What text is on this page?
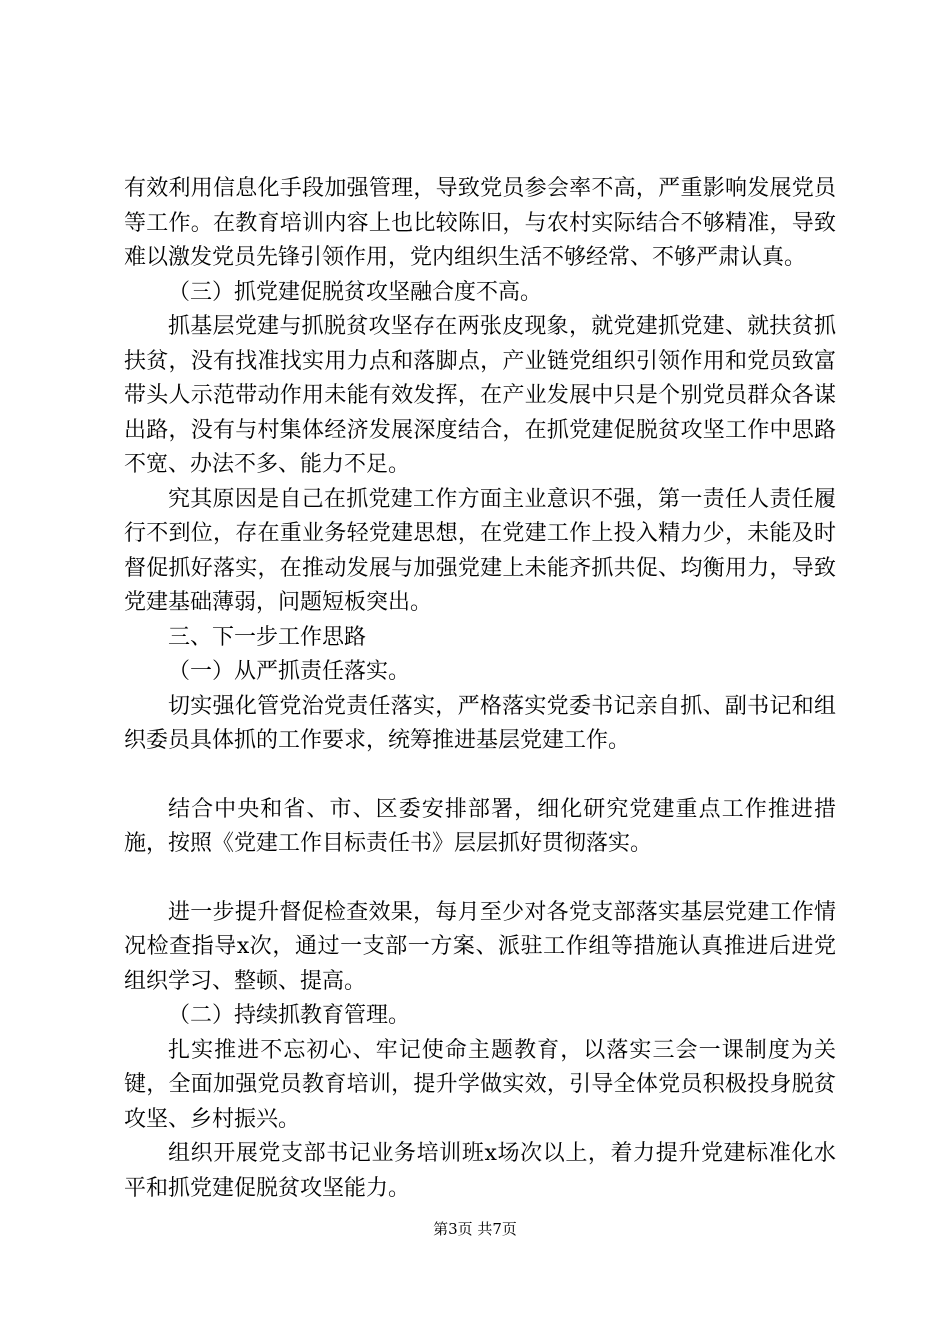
有效利用信息化手段加强管理，导致党员参会率不高，严重影响发展党员等工作。在教育培训内容上也比较陈旧，与农村实际结合不够精准，导致难以激发党员先锋引领作用，党内组织生活不够经常、不够严肃认真。

（三）抓党建促脱贫攻坚融合度不高。

抓基层党建与抓脱贫攻坚存在两张皮现象，就党建抓党建、就扶贫抓扶贫，没有找准找实用力点和落脚点，产业链党组织引领作用和党员致富带头人示范带动作用未能有效发挥，在产业发展中只是个别党员群众各谋出路，没有与村集体经济发展深度结合，在抓党建促脱贫攻坚工作中思路不宽、办法不多、能力不足。

究其原因是自己在抓党建工作方面主业意识不强，第一责任人责任履行不到位，存在重业务轻党建思想，在党建工作上投入精力少，未能及时督促抓好落实，在推动发展与加强党建上未能齐抓共促、均衡用力，导致党建基础薄弱，问题短板突出。

三、下一步工作思路

（一）从严抓责任落实。

切实强化管党治党责任落实，严格落实党委书记亲自抓、副书记和组织委员具体抓的工作要求，统筹推进基层党建工作。

结合中央和省、市、区委安排部署，细化研究党建重点工作推进措施，按照《党建工作目标责任书》层层抓好贯彻落实。

进一步提升督促检查效果，每月至少对各党支部落实基层党建工作情况检查指导x次，通过一支部一方案、派驻工作组等措施认真推进后进党组织学习、整顿、提高。

（二）持续抓教育管理。

扎实推进不忘初心、牢记使命主题教育，以落实三会一课制度为关键，全面加强党员教育培训，提升学做实效，引导全体党员积极投身脱贫攻坚、乡村振兴。

组织开展党支部书记业务培训班x场次以上，着力提升党建标准化水平和抓党建促脱贫攻坚能力。

第3页 共7页
